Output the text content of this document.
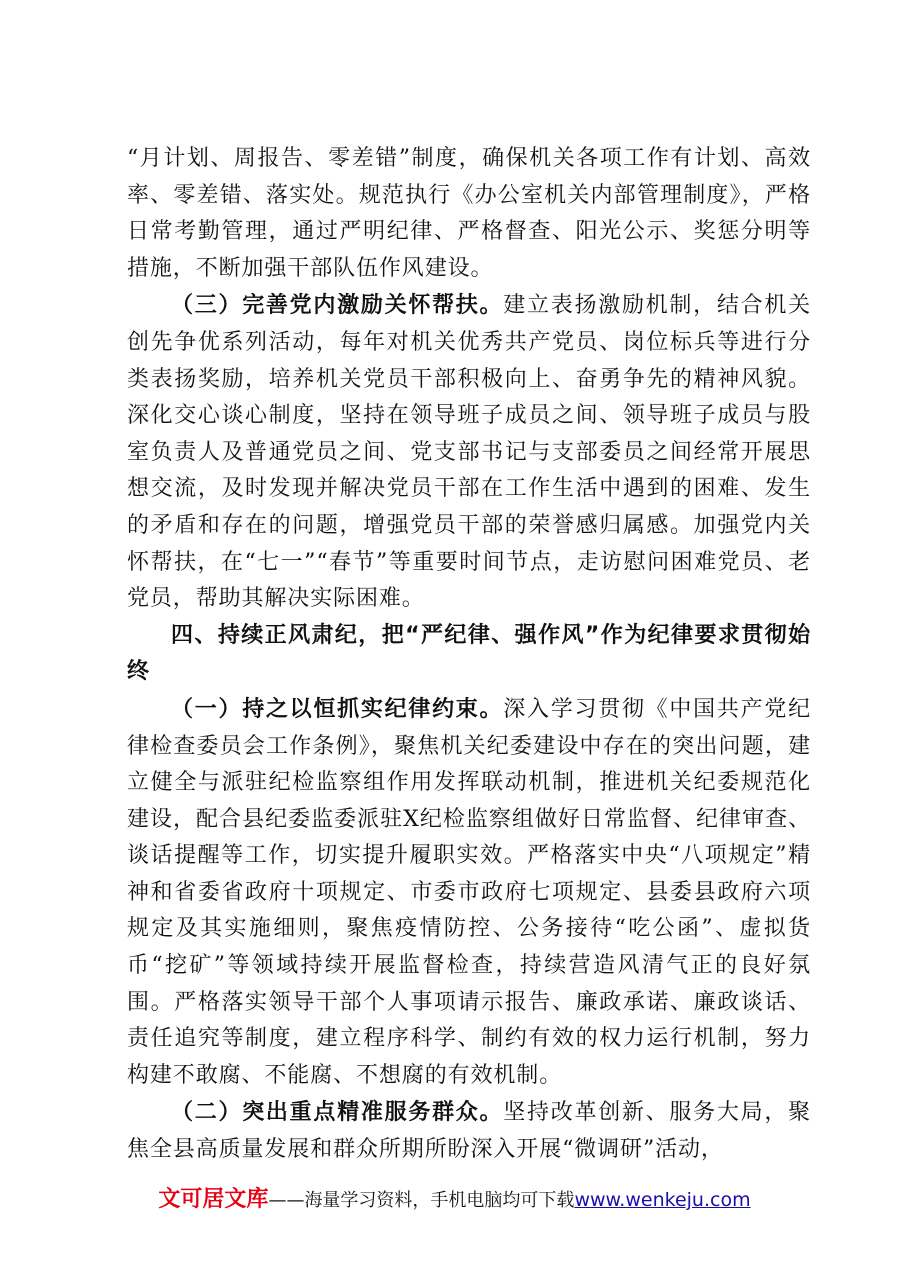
“月计划、周报告、零差错”制度，确保机关各项工作有计划、高效率、零差错、落实处。规范执行《办公室机关内部管理制度》，严格日常考勤管理，通过严明纪律、严格督查、阳光公示、奖惩分明等措施，不断加强干部队伍作风建设。

（三）完善党内激励关怀帮扶。建立表扬激励机制，结合机关创先争优系列活动，每年对机关优秀共产党员、岗位标兵等进行分类表扬奖励，培养机关党员干部积极向上、奋勇争先的精神风貌。深化交心谈心制度，坚持在领导班子成员之间、领导班子成员与股室负责人及普通党员之间、党支部书记与支部委员之间经常开展思想交流，及时发现并解决党员干部在工作生活中遇到的困难、发生的矛盾和存在的问题，增强党员干部的荣誉感归属感。加强党内关怀帮扶，在“七一”“春节”等重要时间节点，走访慰问困难党员、老党员，帮助其解决实际困难。

四、持续正风肃纪，把“严纪律、强作风”作为纪律要求贯彻始终

（一）持之以恒抓实纪律约束。深入学习贯彻《中国共产党纪律检查委员会工作条例》，聚焦机关纪委建设中存在的突出问题，建立健全与派驻纪检监察组作用发挥联动机制，推进机关纪委规范化建设，配合县纪委监委派驻X纪检监察组做好日常监督、纪律审查、谈话提醒等工作，切实提升履职实效。严格落实中央“八项规定”精神和省委省政府十项规定、市委市政府七项规定、县委县政府六项规定及其实施细则，聚焦疫情防控、公务接待“吃公函”、虚拟货币“挖矿”等领域持续开展监督检查，持续营造风清气正的良好氛围。严格落实领导干部个人事项请示报告、廉政承诺、廉政谈话、责任追究等制度，建立程序科学、制约有效的权力运行机制，努力构建不敢腐、不能腐、不想腐的有效机制。

（二）突出重点精准服务群众。坚持改革创新、服务大局，聚焦全县高质量发展和群众所期所盼深入开展“微调研”活动，

文可居文库——海量学习资料，手机电脑均可下载www.wenkeju.com
